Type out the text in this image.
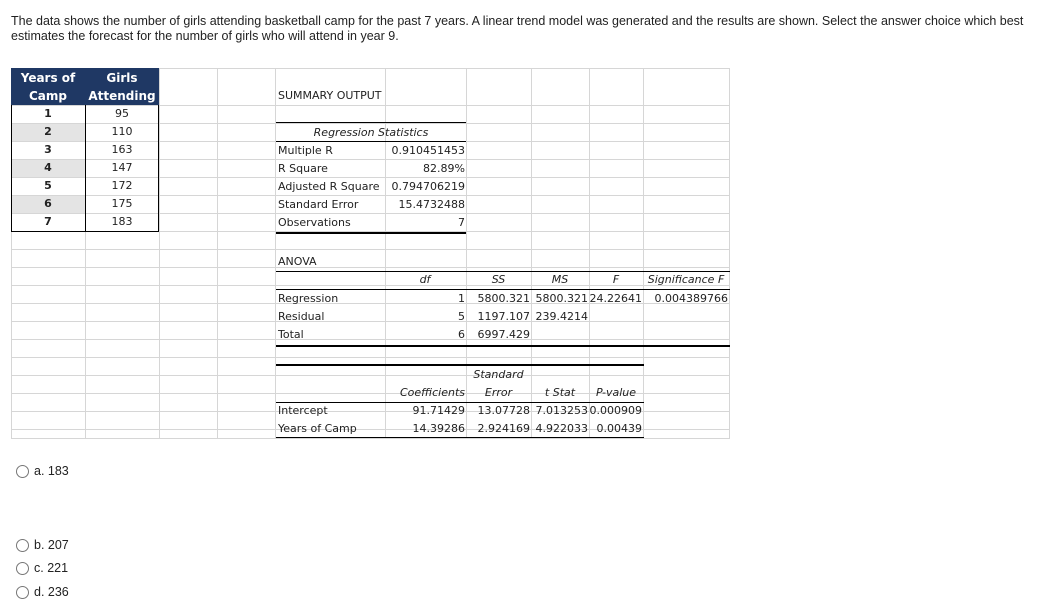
The data shows the number of girls attending basketball camp for the past 7 years. A linear trend model was generated and the results are shown. Select the answer choice which best estimates the forecast for the number of girls who will attend in year 9.
Years of
Camp
Girls
Attending
1	95
2	110
3	163
4	147
5	172
6	175
7	183
SUMMARY OUTPUT
Regression Statistics
Multiple R	0.910451453
R Square	82.89%
Adjusted R Square	0.794706219
Standard Error	15.4732488
Observations	7
ANOVA
df	SS	MS	F	Significance F
Regression	1	5800.321 5800.321 24.22641	0.004389766
Residual	5	1197.107 239.4214
Total	6	6997.429
Standard
Coefficients	Error	t Stat	P-value
Intercept	91.71429	13.07728 7.013253 0.000909
Years of Camp	14.39286	2.924169 4.922033 0.00439
a. 183
b. 207
c. 221
d. 236
